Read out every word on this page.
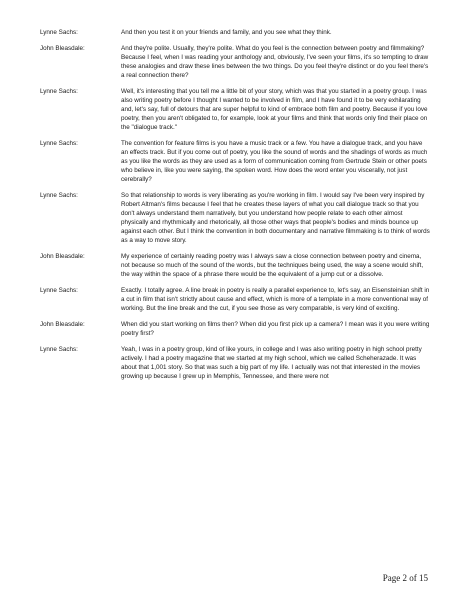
Lynne Sachs:	And then you test it on your friends and family, and you see what they think.
John Bleasdale:	And they're polite. Usually, they're polite. What do you feel is the connection between poetry and filmmaking? Because I feel, when I was reading your anthology and, obviously, I've seen your films, it's so tempting to draw these analogies and draw these lines between the two things. Do you feel they're distinct or do you feel there's a real connection there?
Lynne Sachs:	Well, it's interesting that you tell me a little bit of your story, which was that you started in a poetry group. I was also writing poetry before I thought I wanted to be involved in film, and I have found it to be very exhilarating and, let's say, full of detours that are super helpful to kind of embrace both film and poetry. Because if you love poetry, then you aren't obligated to, for example, look at your films and think that words only find their place on the "dialogue track."
Lynne Sachs:	The convention for feature films is you have a music track or a few. You have a dialogue track, and you have an effects track. But if you come out of poetry, you like the sound of words and the shadings of words as much as you like the words as they are used as a form of communication coming from Gertrude Stein or other poets who believe in, like you were saying, the spoken word. How does the word enter you viscerally, not just cerebrally?
Lynne Sachs:	So that relationship to words is very liberating as you're working in film. I would say I've been very inspired by Robert Altman's films because I feel that he creates these layers of what you call dialogue track so that you don't always understand them narratively, but you understand how people relate to each other almost physically and rhythmically and rhetorically, all those other ways that people's bodies and minds bounce up against each other. But I think the convention in both documentary and narrative filmmaking is to think of words as a way to move story.
John Bleasdale:	My experience of certainly reading poetry was I always saw a close connection between poetry and cinema, not because so much of the sound of the words, but the techniques being used, the way a scene would shift, the way within the space of a phrase there would be the equivalent of a jump cut or a dissolve.
Lynne Sachs:	Exactly. I totally agree. A line break in poetry is really a parallel experience to, let's say, an Eisensteinian shift in a cut in film that isn't strictly about cause and effect, which is more of a template in a more conventional way of working. But the line break and the cut, if you see those as very comparable, is very kind of exciting.
John Bleasdale:	When did you start working on films then? When did you first pick up a camera? I mean was it you were writing poetry first?
Lynne Sachs:	Yeah, I was in a poetry group, kind of like yours, in college and I was also writing poetry in high school pretty actively. I had a poetry magazine that we started at my high school, which we called Scheherazade. It was about that 1,001 story. So that was such a big part of my life. I actually was not that interested in the movies growing up because I grew up in Memphis, Tennessee, and there were not
Page 2 of 15
